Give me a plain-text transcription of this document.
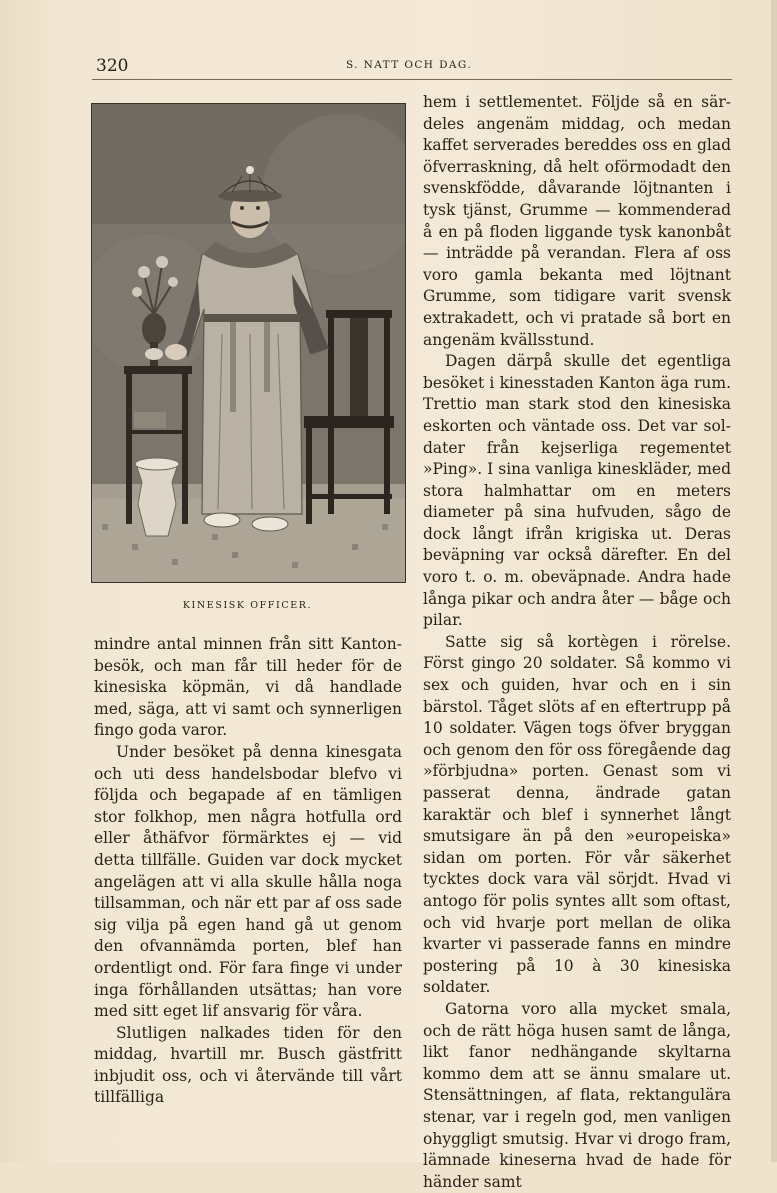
320	S. NATT OCH DAG.
KINESISK OFFICER.

mindre antal minnen från sitt Kantonbesök, och man får till heder för de kinesiska köpmän, vi då handlade med, säga, att vi samt och synnerligen fingo goda varor.

Under besöket på denna kinesgata och uti dess handelsbodar blefvo vi följda och begapade af en tämligen stor folkhop, men några hotfulla ord eller åthäfvor förmärktes ej — vid detta tillfälle. Guiden var dock mycket angelägen att vi alla skulle hålla noga tillsamman, och när ett par af oss sade sig vilja på egen hand gå ut genom den ofvannämda porten, blef han ordentligt ond. För fara finge vi under inga förhållanden utsättas; han vore med sitt eget lif ansvarig för våra.

Slutligen nalkades tiden för den middag, hvartill mr. Busch gästfritt inbjudit oss, och vi återvände till vårt tillfälliga

hem i settlementet. Följde så en särdeles angenäm middag, och medan kaffet serverades bereddes oss en glad öfverraskning, då helt oförmodadt den svenskfödde, dåvarande löjtnanten i tysk tjänst, Grumme — kommenderad å en på floden liggande tysk kanonbåt — inträdde på verandan. Flera af oss voro gamla bekanta med löjtnant Grumme, som tidigare varit svensk extrakadett, och vi pratade så bort en angenäm kvällsstund.

Dagen därpå skulle det egentliga besöket i kinesstaden Kanton äga rum. Trettio man stark stod den kinesiska eskorten och väntade oss. Det var soldater från kejserliga regementet »Ping». I sina vanliga kineskläder, med stora halmhattar om en meters diameter på sina hufvuden, sågo de dock långt ifrån krigiska ut. Deras beväpning var också därefter. En del voro t. o. m. obeväpnade. Andra hade långa pikar och andra åter — båge och pilar.

Satte sig så kortègen i rörelse. Först gingo 20 soldater. Så kommo vi sex och guiden, hvar och en i sin bärstol. Tåget slöts af en eftertrupp på 10 soldater. Vägen togs öfver bryggan och genom den för oss föregående dag »förbjudna» porten. Genast som vi passerat denna, ändrade gatan karaktär och blef i synnerhet långt smutsigare än på den »europeiska» sidan om porten. För vår säkerhet tycktes dock vara väl sörjdt. Hvad vi antogo för polis syntes allt som oftast, och vid hvarje port mellan de olika kvarter vi passerade fanns en mindre postering på 10 à 30 kinesiska soldater.

Gatorna voro alla mycket smala, och de rätt höga husen samt de långa, likt fanor nedhängande skyltarna kommo dem att se ännu smalare ut. Stensättningen, af flata, rektangulära stenar, var i regeln god, men vanligen ohyggligt smutsig. Hvar vi drogo fram, lämnade kineserna hvad de hade för händer samt
